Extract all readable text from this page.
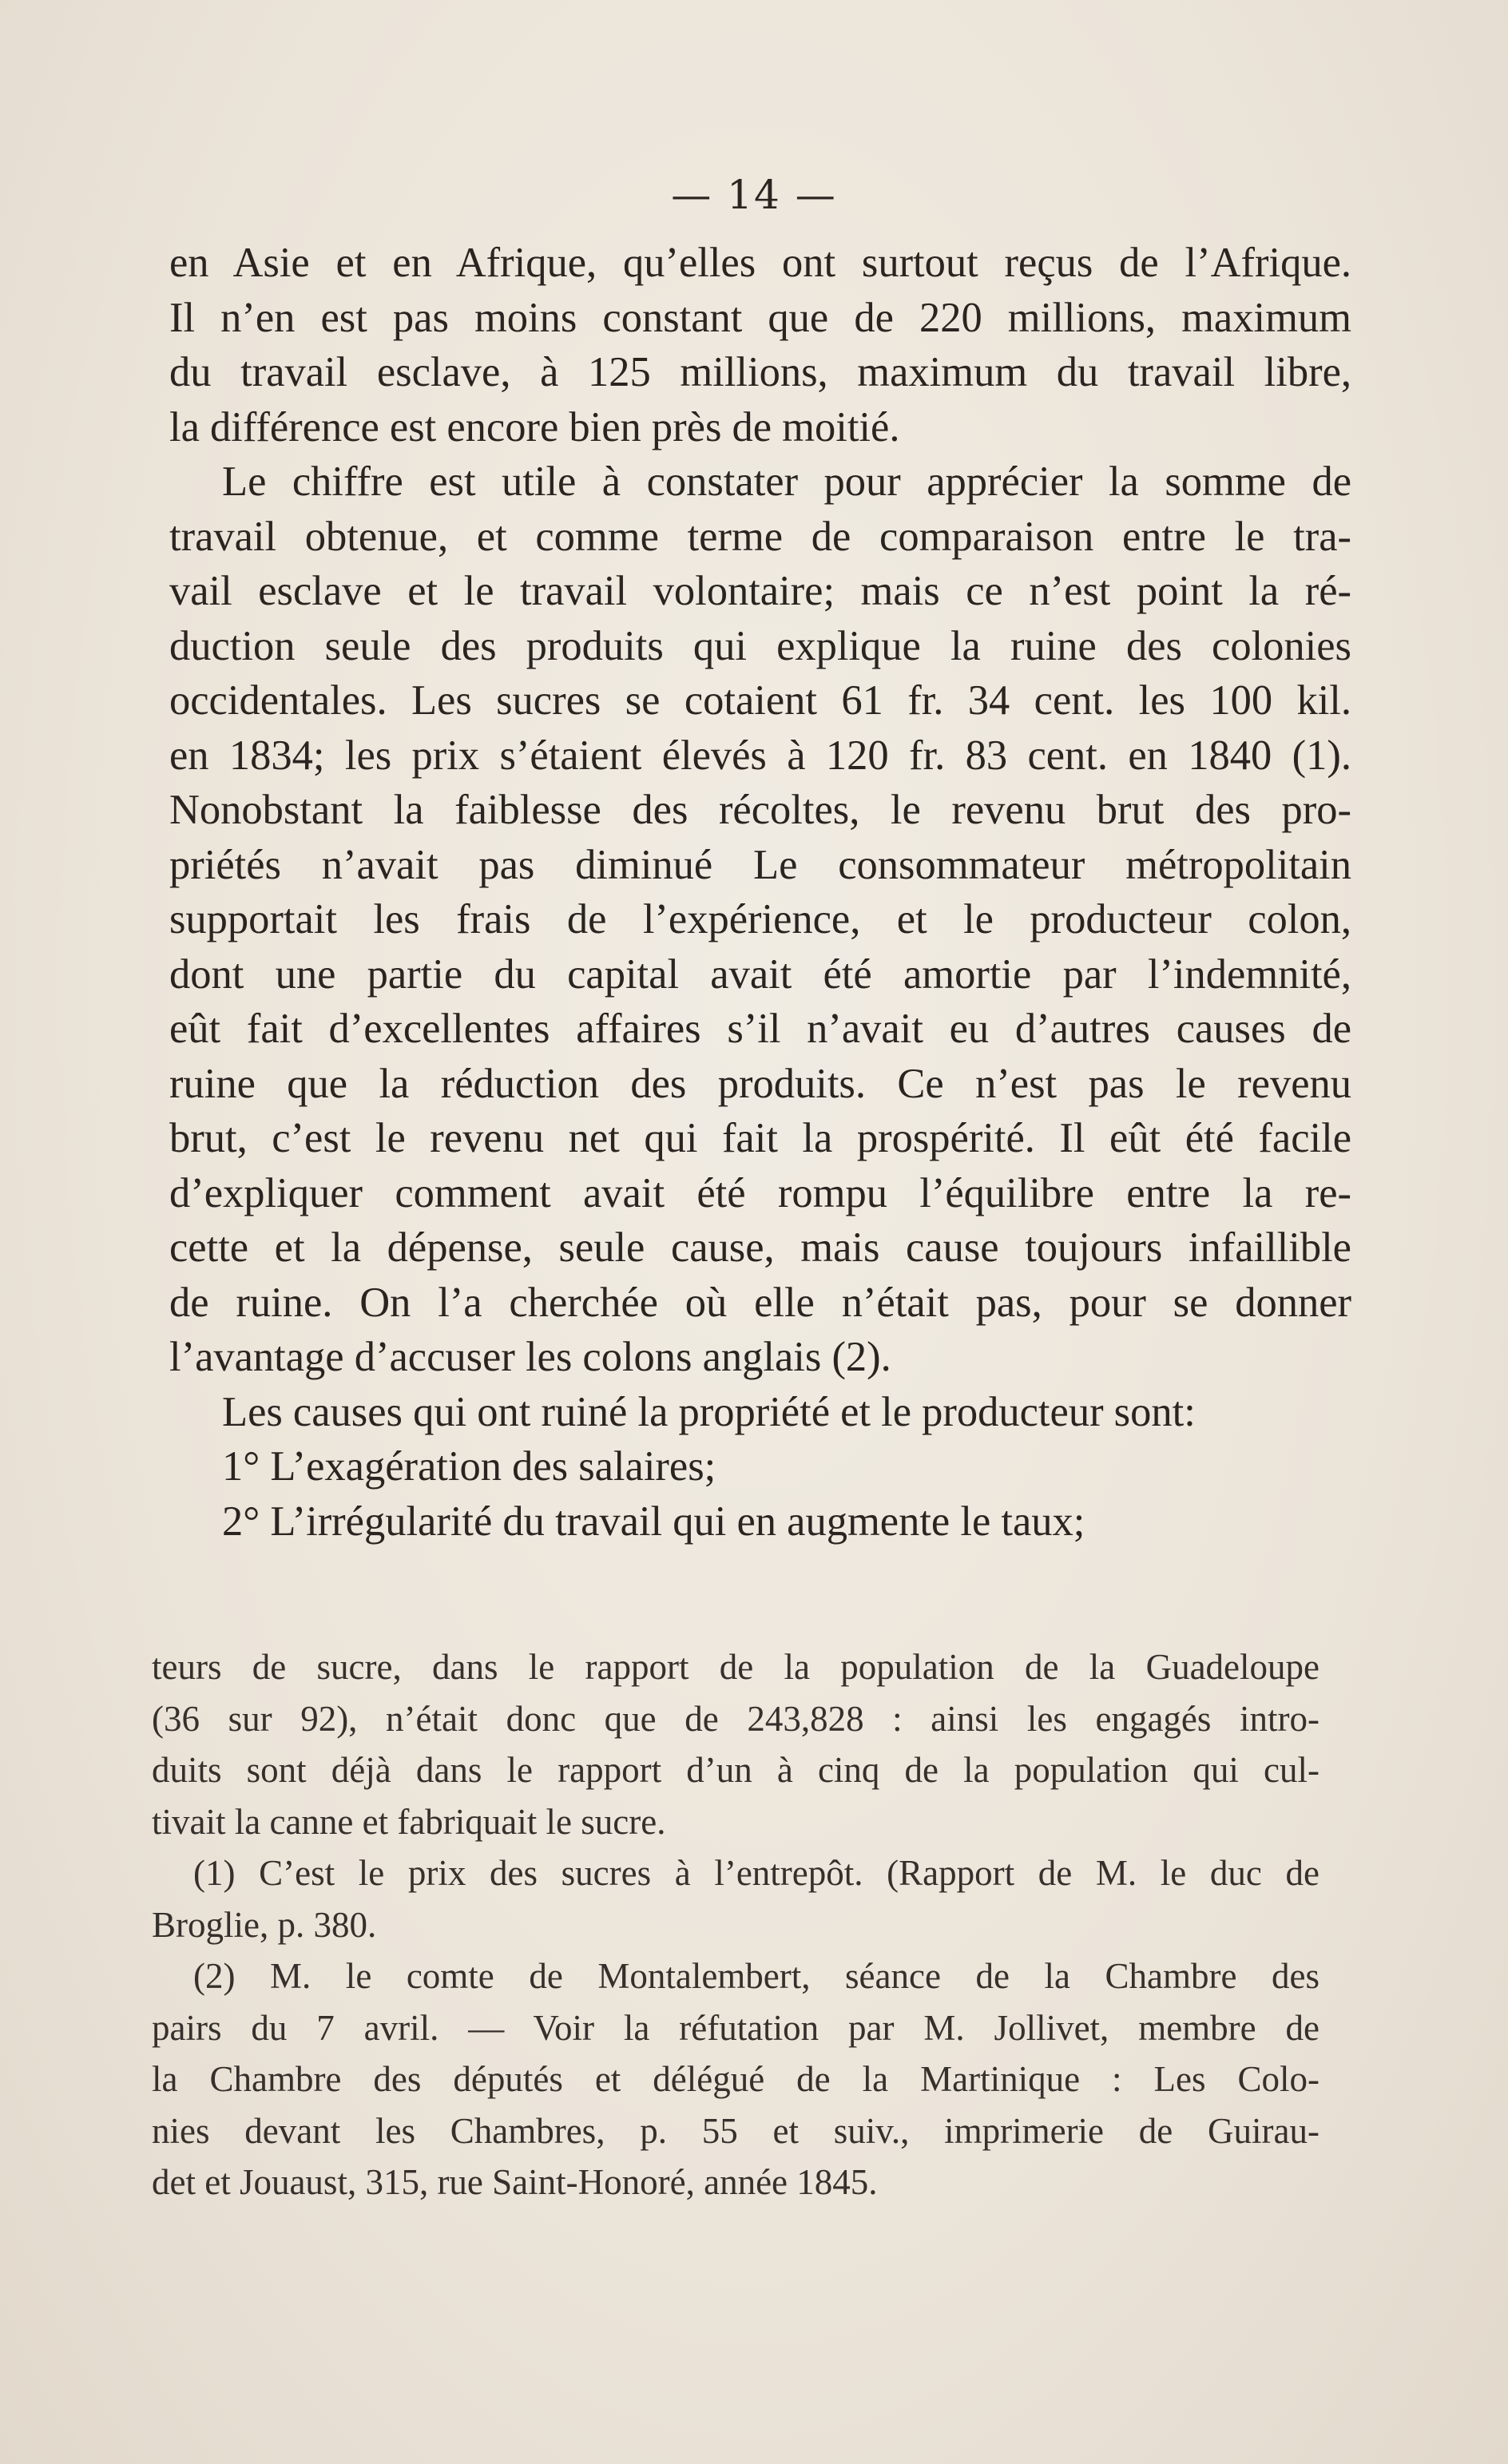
— 14 —
en Asie et en Afrique, qu’elles ont surtout reçus de l’Afrique.
Il n’en est pas moins constant que de 220 millions, maximum
du travail esclave, à 125 millions, maximum du travail libre,
la différence est encore bien près de moitié.
Le chiffre est utile à constater pour apprécier la somme de
travail obtenue, et comme terme de comparaison entre le tra-
vail esclave et le travail volontaire; mais ce n’est point la ré-
duction seule des produits qui explique la ruine des colonies
occidentales. Les sucres se cotaient 61 fr. 34 cent. les 100 kil.
en 1834; les prix s’étaient élevés à 120 fr. 83 cent. en 1840 (1).
Nonobstant la faiblesse des récoltes, le revenu brut des pro-
priétés n’avait pas diminué Le consommateur métropolitain
supportait les frais de l’expérience, et le producteur colon,
dont une partie du capital avait été amortie par l’indemnité,
eût fait d’excellentes affaires s’il n’avait eu d’autres causes de
ruine que la réduction des produits. Ce n’est pas le revenu
brut, c’est le revenu net qui fait la prospérité. Il eût été facile
d’expliquer comment avait été rompu l’équilibre entre la re-
cette et la dépense, seule cause, mais cause toujours infaillible
de ruine. On l’a cherchée où elle n’était pas, pour se donner
l’avantage d’accuser les colons anglais (2).
Les causes qui ont ruiné la propriété et le producteur sont:
1° L’exagération des salaires;
2° L’irrégularité du travail qui en augmente le taux;
teurs de sucre, dans le rapport de la population de la Guadeloupe
(36 sur 92), n’était donc que de 243,828 : ainsi les engagés intro-
duits sont déjà dans le rapport d’un à cinq de la population qui cul-
tivait la canne et fabriquait le sucre.
(1) C’est le prix des sucres à l’entrepôt. (Rapport de M. le duc de
Broglie, p. 380.
(2) M. le comte de Montalembert, séance de la Chambre des
pairs du 7 avril. — Voir la réfutation par M. Jollivet, membre de
la Chambre des députés et délégué de la Martinique : Les Colo-
nies devant les Chambres, p. 55 et suiv., imprimerie de Guirau-
det et Jouaust, 315, rue Saint-Honoré, année 1845.
